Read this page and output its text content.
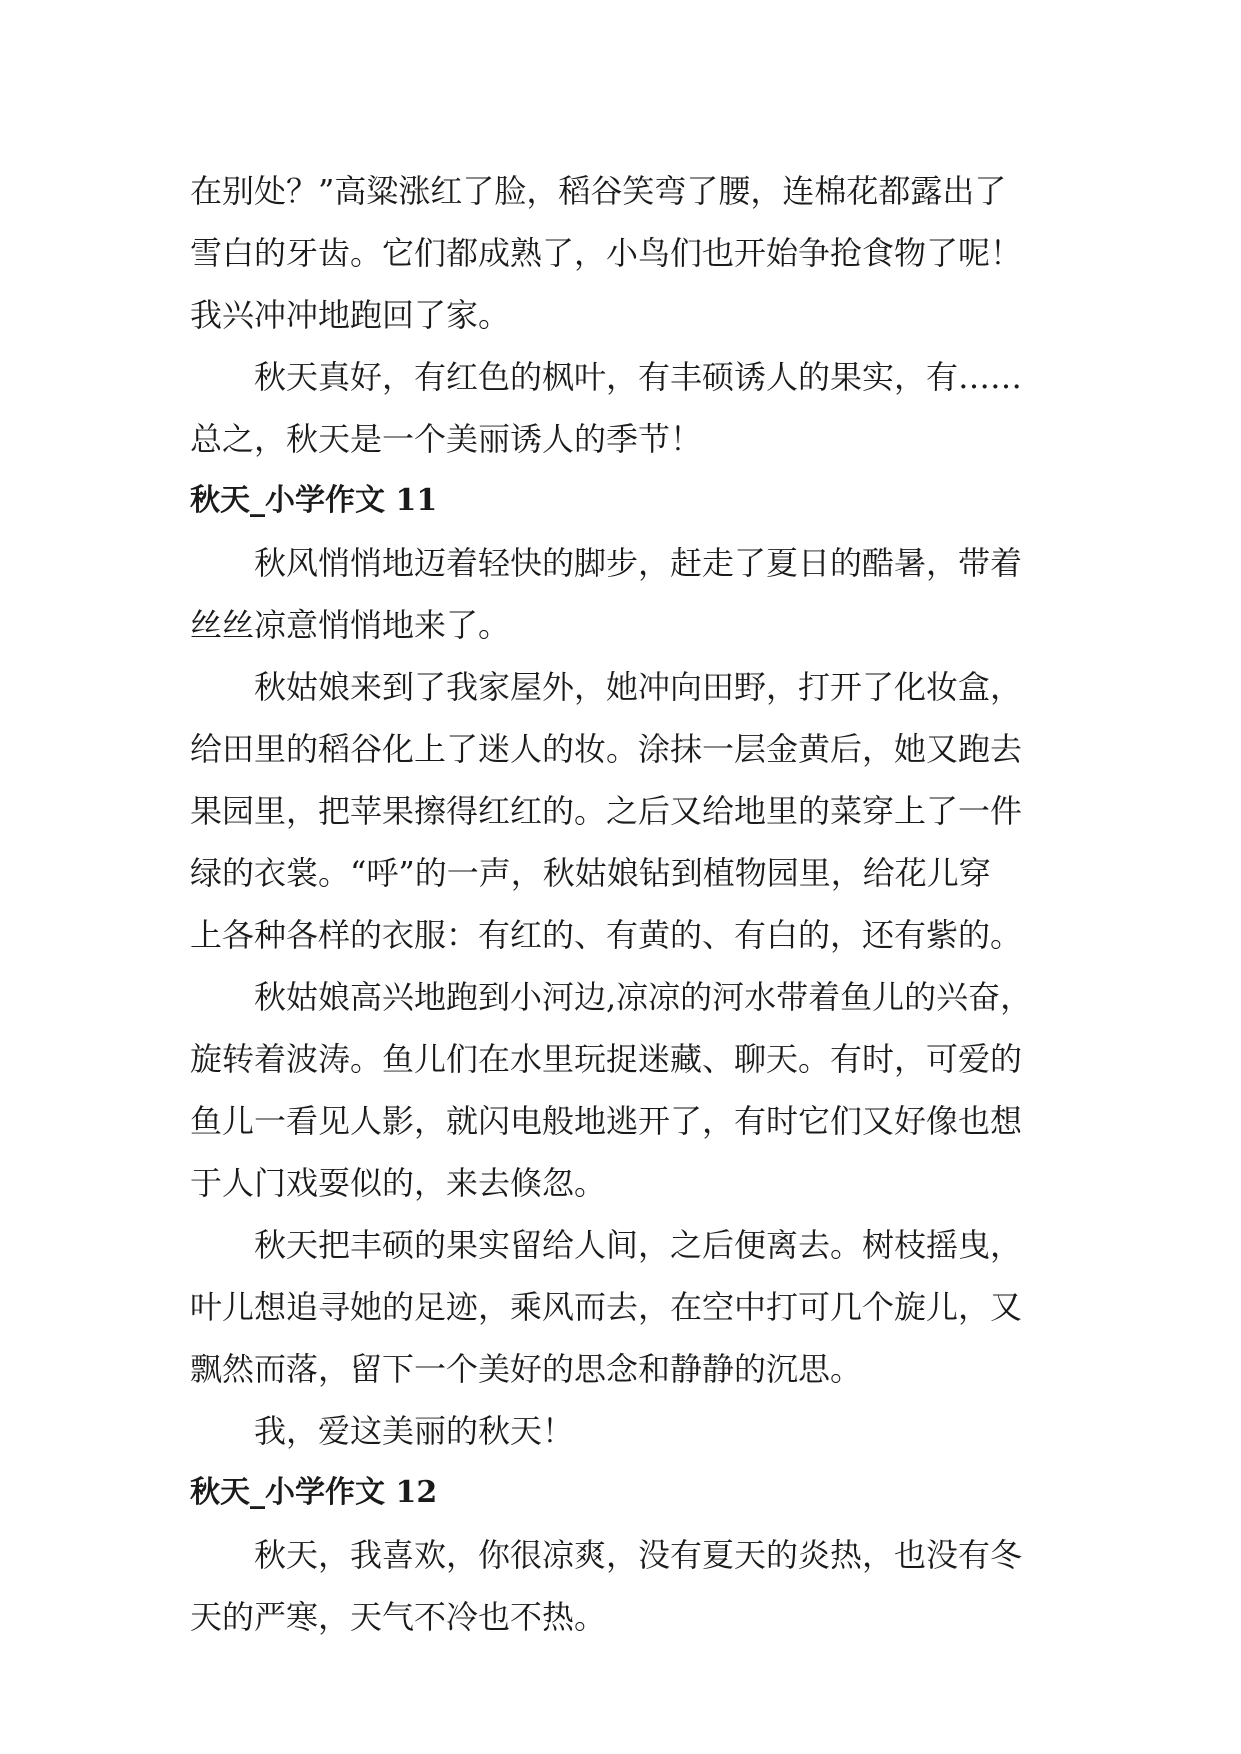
在别处？”高粱涨红了脸，稻谷笑弯了腰，连棉花都露出了
雪白的牙齿。它们都成熟了，小鸟们也开始争抢食物了呢！
我兴冲冲地跑回了家。
秋天真好，有红色的枫叶，有丰硕诱人的果实，有……
总之，秋天是一个美丽诱人的季节！
秋天_小学作文 11
秋风悄悄地迈着轻快的脚步，赶走了夏日的酷暑，带着
丝丝凉意悄悄地来了。
秋姑娘来到了我家屋外，她冲向田野，打开了化妆盒，
给田里的稻谷化上了迷人的妆。涂抹一层金黄后，她又跑去
果园里，把苹果擦得红红的。之后又给地里的菜穿上了一件
绿的衣裳。“呼”的一声，秋姑娘钻到植物园里，给花儿穿
上各种各样的衣服：有红的、有黄的、有白的，还有紫的。
秋姑娘高兴地跑到小河边,凉凉的河水带着鱼儿的兴奋，
旋转着波涛。鱼儿们在水里玩捉迷藏、聊天。有时，可爱的
鱼儿一看见人影，就闪电般地逃开了，有时它们又好像也想
于人门戏耍似的，来去倏忽。
秋天把丰硕的果实留给人间，之后便离去。树枝摇曳，
叶儿想追寻她的足迹，乘风而去，在空中打可几个旋儿，又
飘然而落，留下一个美好的思念和静静的沉思。
我，爱这美丽的秋天！
秋天_小学作文 12
秋天，我喜欢，你很凉爽，没有夏天的炎热，也没有冬
天的严寒，天气不冷也不热。
